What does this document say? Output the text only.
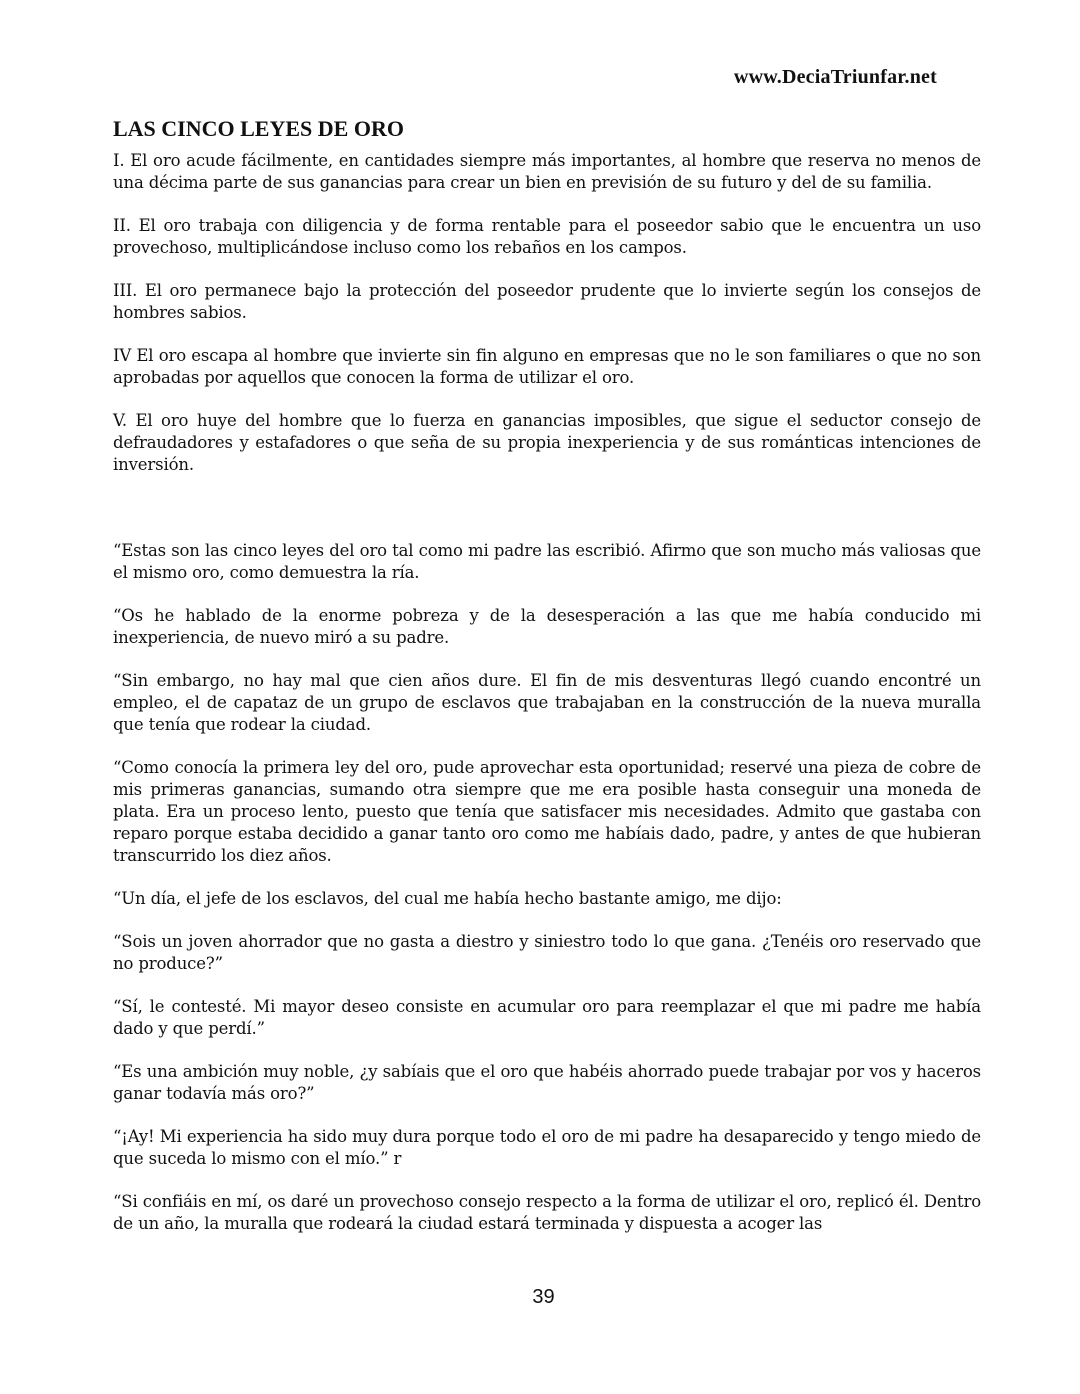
www.DeciaTriunfar.net
LAS CINCO LEYES DE ORO

I. El oro acude fácilmente, en cantidades siempre más importantes, al hombre que reserva no menos de una décima parte de sus ganancias para crear un bien en previsión de su futuro y del de su familia.

II. El oro trabaja con diligencia y de forma rentable para el poseedor sabio que le encuentra un uso provechoso, multiplicándose incluso como los rebaños en los campos.

III. El oro permanece bajo la protección del poseedor prudente que lo invierte según los consejos de hombres sabios.

IV El oro escapa al hombre que invierte sin fin alguno en empresas que no le son familiares o que no son aprobadas por aquellos que conocen la forma de utilizar el oro.

V. El oro huye del hombre que lo fuerza en ganancias imposibles, que sigue el seductor consejo de defraudadores y estafadores o que seña de su propia inexperiencia y de sus románticas intenciones de inversión.

“Estas son las cinco leyes del oro tal como mi padre las escribió. Afirmo que son mucho más valiosas que el mismo oro, como demuestra la ría.

“Os he hablado de la enorme pobreza y de la desesperación a las que me había conducido mi inexperiencia, de nuevo miró a su padre.

“Sin embargo, no hay mal que cien años dure. El fin de mis desventuras llegó cuando encontré un empleo, el de capataz de un grupo de esclavos que trabajaban en la construcción de la nueva muralla que tenía que rodear la ciudad.

“Como conocía la primera ley del oro, pude aprovechar esta oportunidad; reservé una pieza de cobre de mis primeras ganancias, sumando otra siempre que me era posible hasta conseguir una moneda de plata. Era un proceso lento, puesto que tenía que satisfacer mis necesidades. Admito que gastaba con reparo porque estaba decidido a ganar tanto oro como me habíais dado, padre, y antes de que hubieran transcurrido los diez años.

“Un día, el jefe de los esclavos, del cual me había hecho bastante amigo, me dijo:

“Sois un joven ahorrador que no gasta a diestro y siniestro todo lo que gana. ¿Tenéis oro reservado que no produce?”

“Sí, le contesté. Mi mayor deseo consiste en acumular oro para reemplazar el que mi padre me había dado y que perdí.”

“Es una ambición muy noble, ¿y sabíais que el oro que habéis ahorrado puede trabajar por vos y haceros ganar todavía más oro?”

“¡Ay! Mi experiencia ha sido muy dura porque todo el oro de mi padre ha desaparecido y tengo miedo de que suceda lo mismo con el mío.” r

“Si confiáis en mí, os daré un provechoso consejo respecto a la forma de utilizar el oro, replicó él. Dentro de un año, la muralla que rodeará la ciudad estará terminada y dispuesta a acoger las

39
